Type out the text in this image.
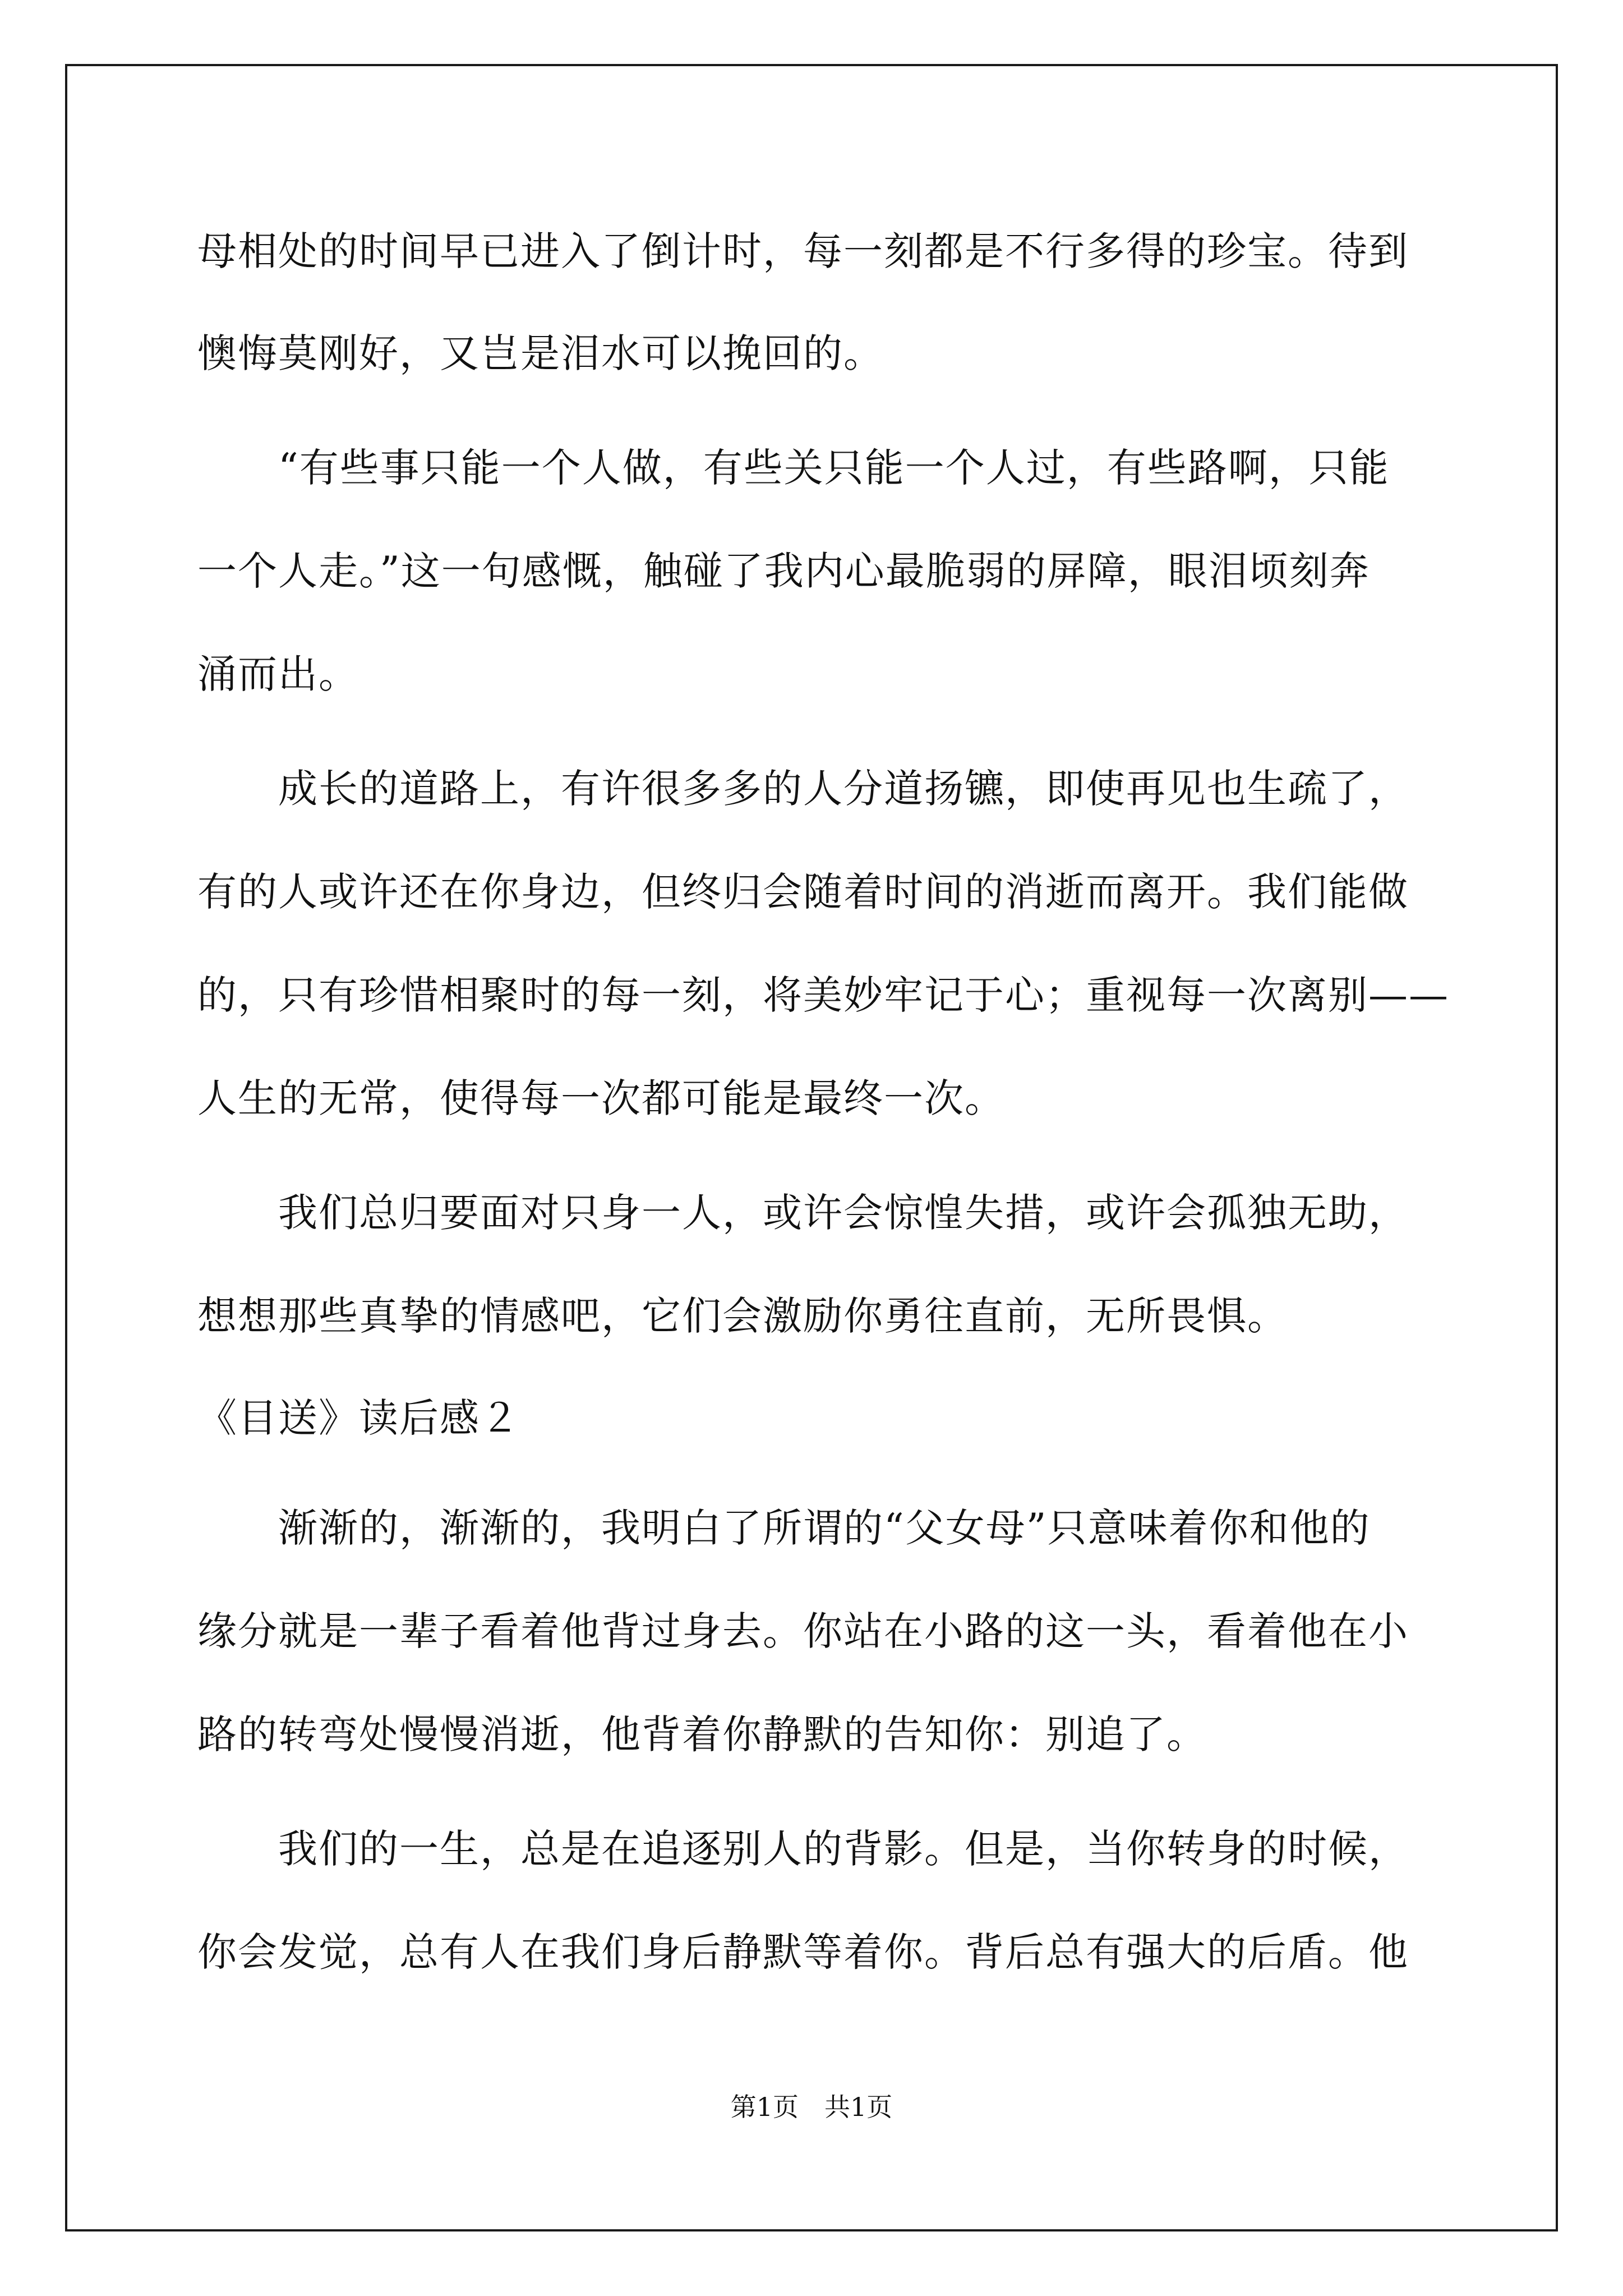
母相处的时间早已进入了倒计时，每一刻都是不行多得的珍宝。待到
懊悔莫刚好，又岂是泪水可以挽回的。
　　“有些事只能一个人做，有些关只能一个人过，有些路啊，只能
一个人走。”这一句感慨，触碰了我内心最脆弱的屏障，眼泪顷刻奔
涌而出。
　　成长的道路上，有许很多多的人分道扬镳，即使再见也生疏了，
有的人或许还在你身边，但终归会随着时间的消逝而离开。我们能做
的，只有珍惜相聚时的每一刻，将美妙牢记于心；重视每一次离别——
人生的无常，使得每一次都可能是最终一次。
　　我们总归要面对只身一人，或许会惊惶失措，或许会孤独无助，
想想那些真挚的情感吧，它们会激励你勇往直前，无所畏惧。
《目送》读后感２
　　渐渐的，渐渐的，我明白了所谓的“父女母”只意味着你和他的
缘分就是一辈子看着他背过身去。你站在小路的这一头，看着他在小
路的转弯处慢慢消逝，他背着你静默的告知你：别追了。
　　我们的一生，总是在追逐别人的背影。但是，当你转身的时候，
你会发觉，总有人在我们身后静默等着你。背后总有强大的后盾。他
第1页　共1页
